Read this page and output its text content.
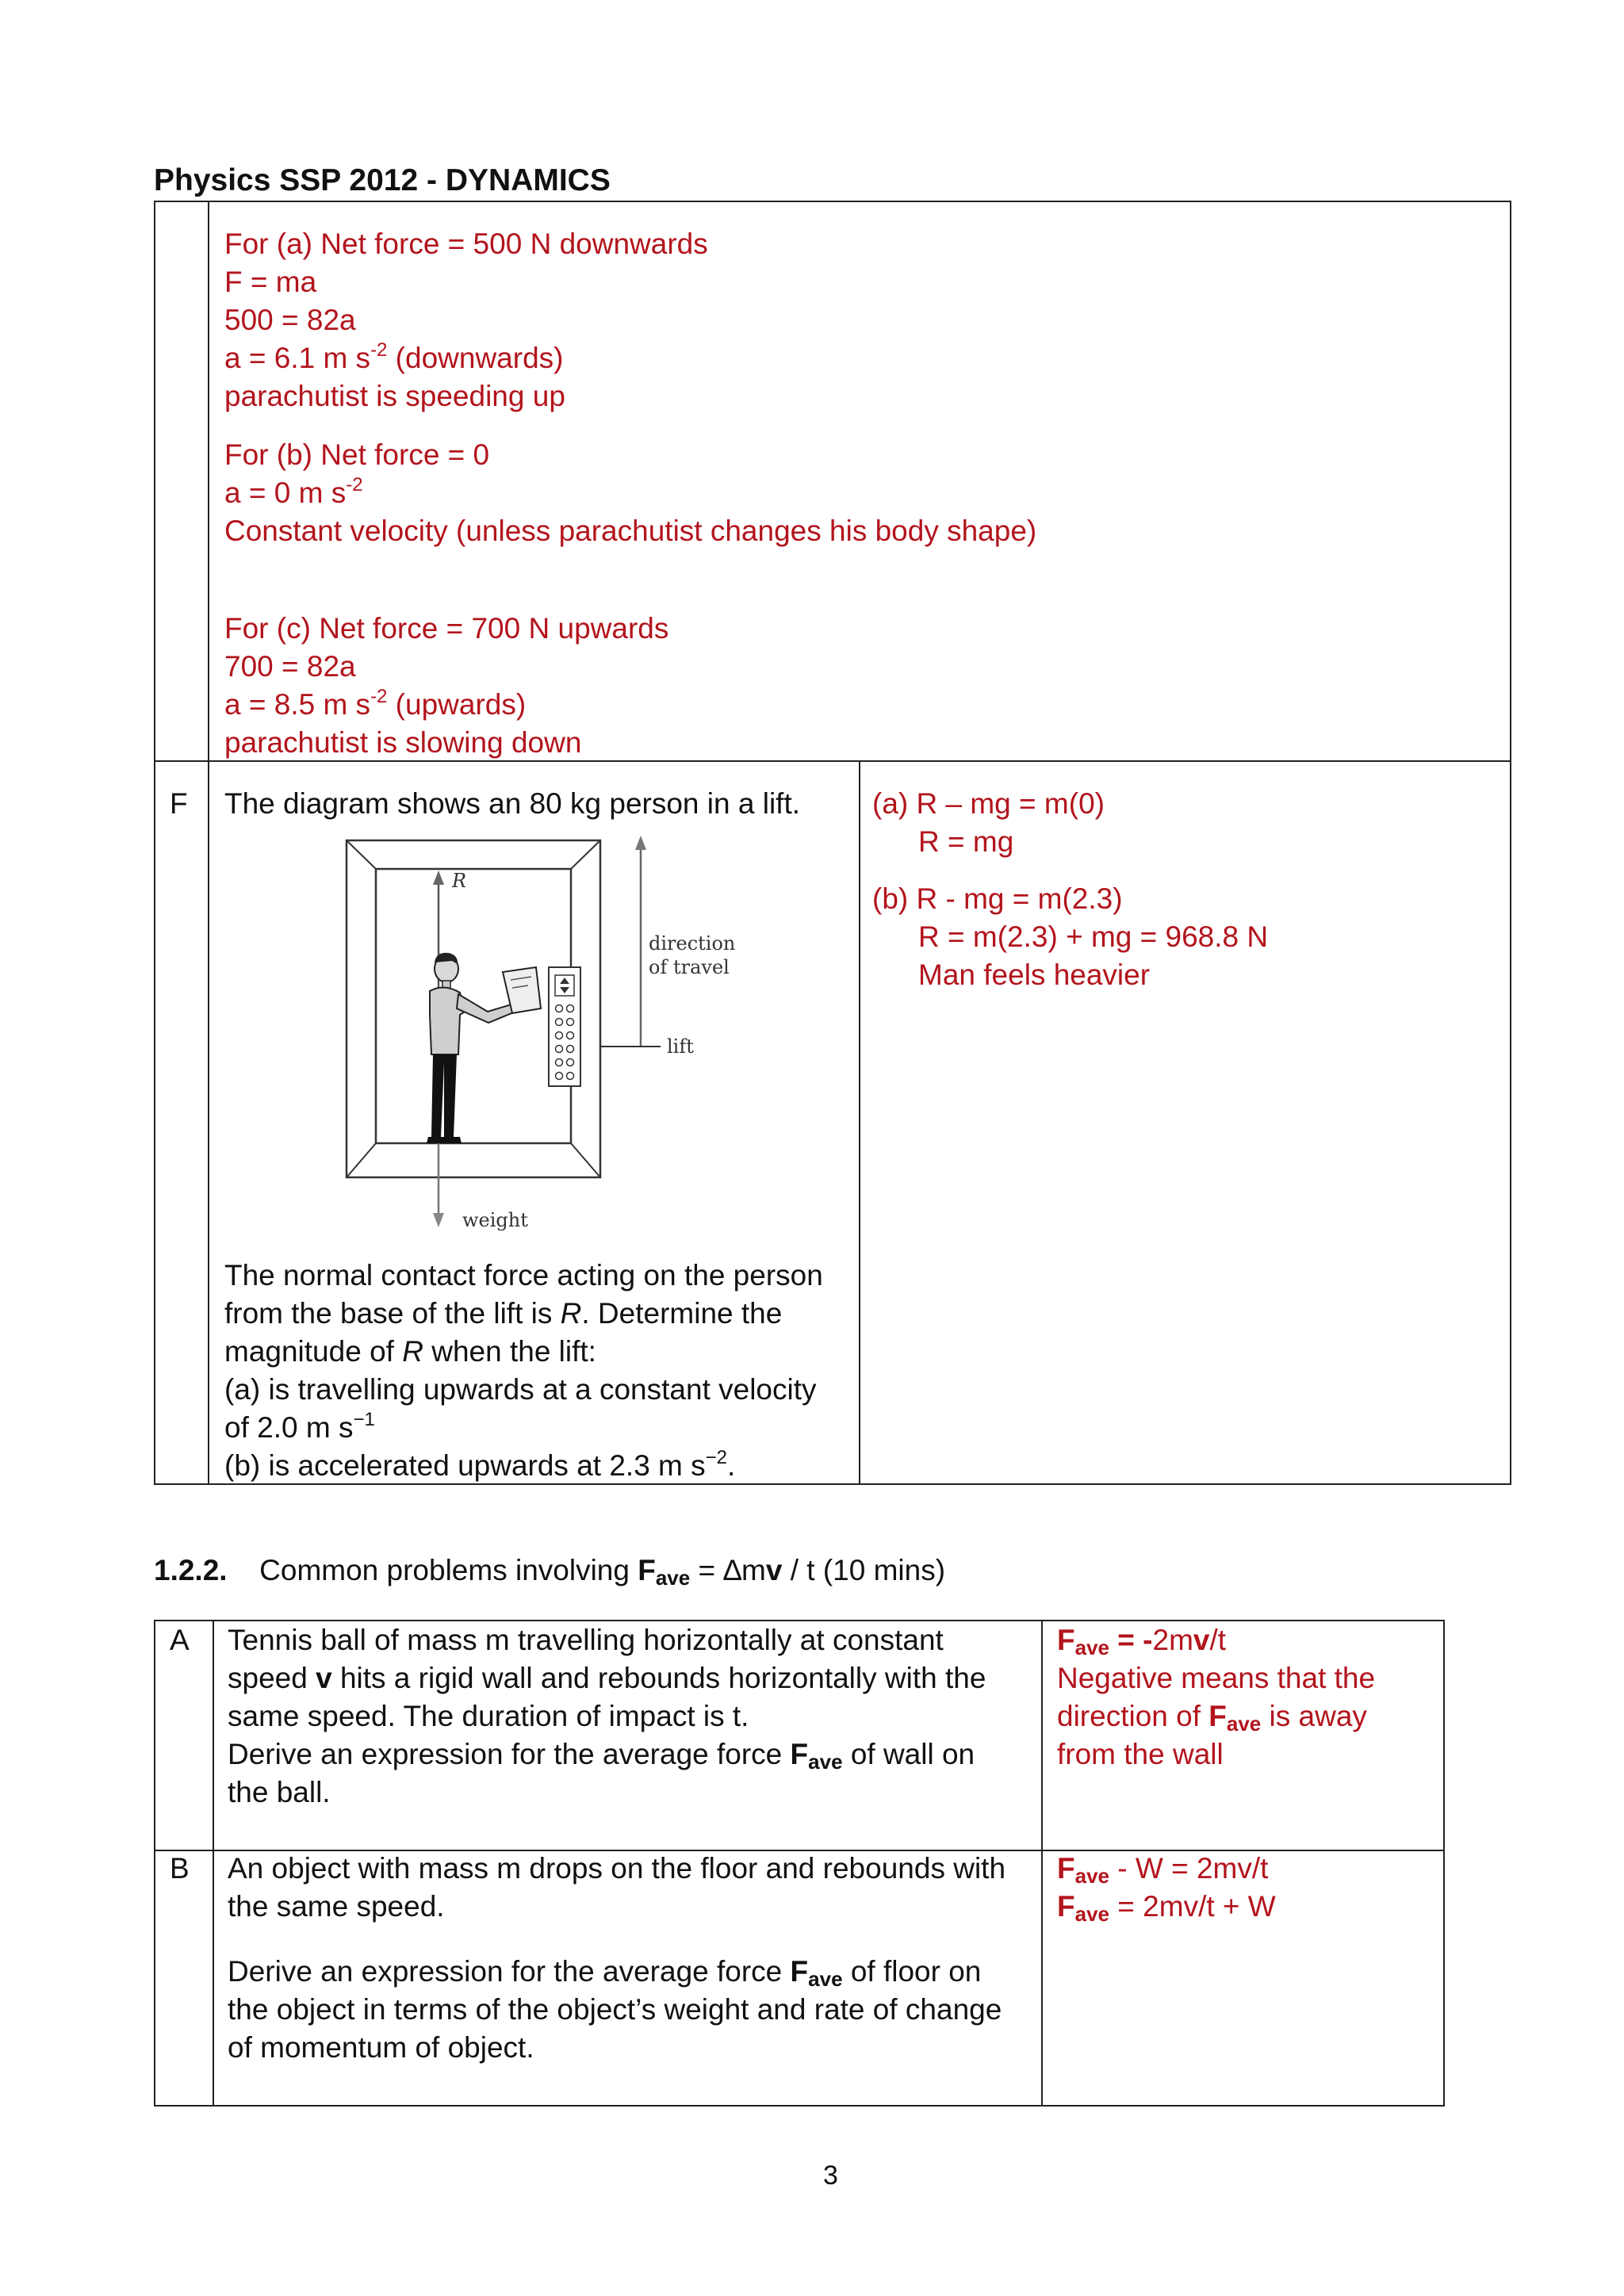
Physics SSP 2012 - DYNAMICS
For (a) Net force = 500 N downwards
F = ma
500 = 82a
a = 6.1 m $s^{-2}$ (downwards)
parachutist is speeding up
For (b) Net force = 0
a = 0 m $s^{-2}$
Constant velocity (unless parachutist changes his body shape)
For (c) Net force = 700 N upwards
700 = 82a
a = 8.5 m $s^{-2}$ (upwards)
parachutist is slowing down
F The diagram shows an 80 kg person in a lift.
R
weight
direction
of travel
lift
The normal contact force acting on the person
from the base of the lift is R. Determine the
magnitude of R when the lift:
(a) is travelling upwards at a constant velocity
of 2.0 m $s^{-1}$
(b) is accelerated upwards at 2.3 m $s^{-2}$.
(a) R – mg = m(0)
R = mg
(b) R - mg = m(2.3)
R = m(2.3) + mg = 968.8 N
Man feels heavier
1.2.2. Common problems involving $F_{ave} = \Delta mv / t$ (10 mins)
A Tennis ball of mass m travelling horizontally at constant
speed v hits a rigid wall and rebounds horizontally with the
same speed. The duration of impact is t.
Derive an expression for the average force $F_{ave}$ of wall on
the ball.
$F_{ave} = -2mv/t$
Negative means that the
direction of $F_{ave}$ is away
from the wall
B An object with mass m drops on the floor and rebounds with
the same speed.
Derive an expression for the average force $F_{ave}$ of floor on
the object in terms of the object’s weight and rate of change
of momentum of object.
$F_{ave} - W = 2mv/t$
$F_{ave} = 2mv/t + W$
3
